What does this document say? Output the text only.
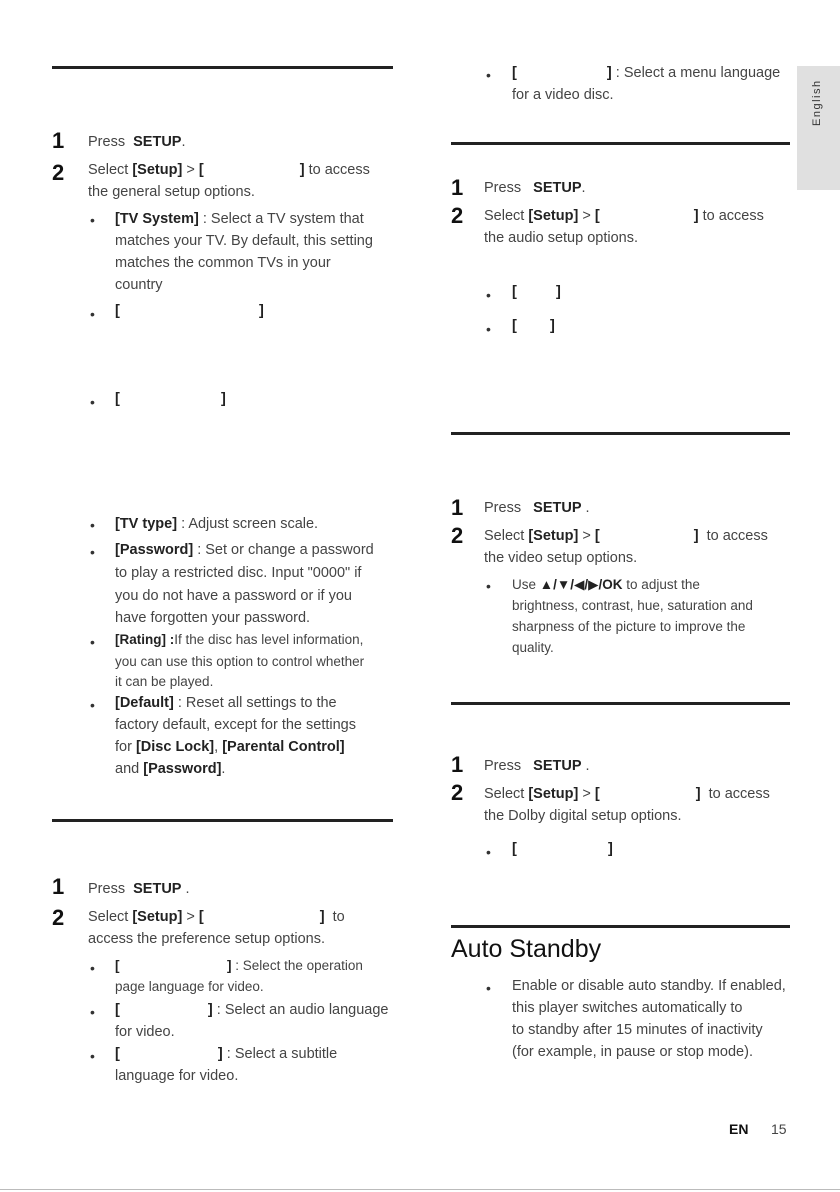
English
1 Press SETUP.
2 Select [Setup] > [	] to access
the general setup options.
• [TV System] : Select a TV system that
matches your TV. By default, this setting
matches the common TVs in your
country
• [	]
• [	]
• [TV type] : Adjust screen scale.
• [Password] : Set or change a password
to play a restricted disc. Input "0000" if
you do not have a password or if you
have forgotten your password.
• [Rating] :If the disc has level information,
you can use this option to control whether
it can be played.
• [Default] : Reset all settings to the
factory default, except for the settings
for [Disc Lock], [Parental Control]
and [Password].
1 Press SETUP .
2 Select [Setup] > [	] to
access the preference setup options.
• [	] : Select the operation
page language for video.
• [	] : Select an audio language
for video.
• [	] : Select a subtitle
language for video.
• [	] : Select a menu language
for a video disc.
1 Press SETUP.
2 Select [Setup] > [	] to access
the audio setup options.
• [	]
• [ ]
1 Press SETUP .
2 Select [Setup] > [	] to access
the video setup options.
• Use ▲/▼/◀/▶/OK to adjust the
brightness, contrast, hue, saturation and
sharpness of the picture to improve the
quality.
1 Press SETUP .
2 Select [Setup] > [	] to access
the Dolby digital setup options.
• [	]
Auto Standby
• Enable or disable auto standby. If enabled,
this player switches automatically to
to standby after 15 minutes of inactivity
(for example, in pause or stop mode).
EN 15
